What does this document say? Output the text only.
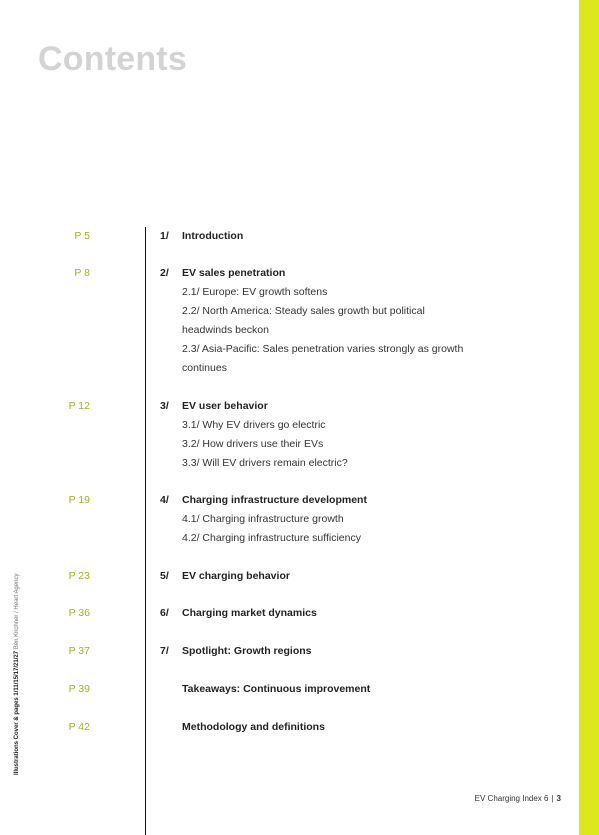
Contents
P 5	1/ Introduction
P 8	2/ EV sales penetration
2.1/ Europe: EV growth softens
2.2/ North America: Steady sales growth but political headwinds beckon
2.3/ Asia-Pacific: Sales penetration varies strongly as growth continues
P 12	3/ EV user behavior
3.1/ Why EV drivers go electric
3.2/ How drivers use their EVs
3.3/ Will EV drivers remain electric?
P 19	4/ Charging infrastructure development
4.1/ Charging infrastructure growth
4.2/ Charging infrastructure sufficiency
P 23	5/ EV charging behavior
P 36	6/ Charging market dynamics
P 37	7/ Spotlight: Growth regions
P 39	Takeaways: Continuous improvement
P 42	Methodology and definitions
Illustrations Cover & pages 1/11/15/17/21/27 Ben Kirchner / Heart Agency
EV Charging Index 6 | 3
